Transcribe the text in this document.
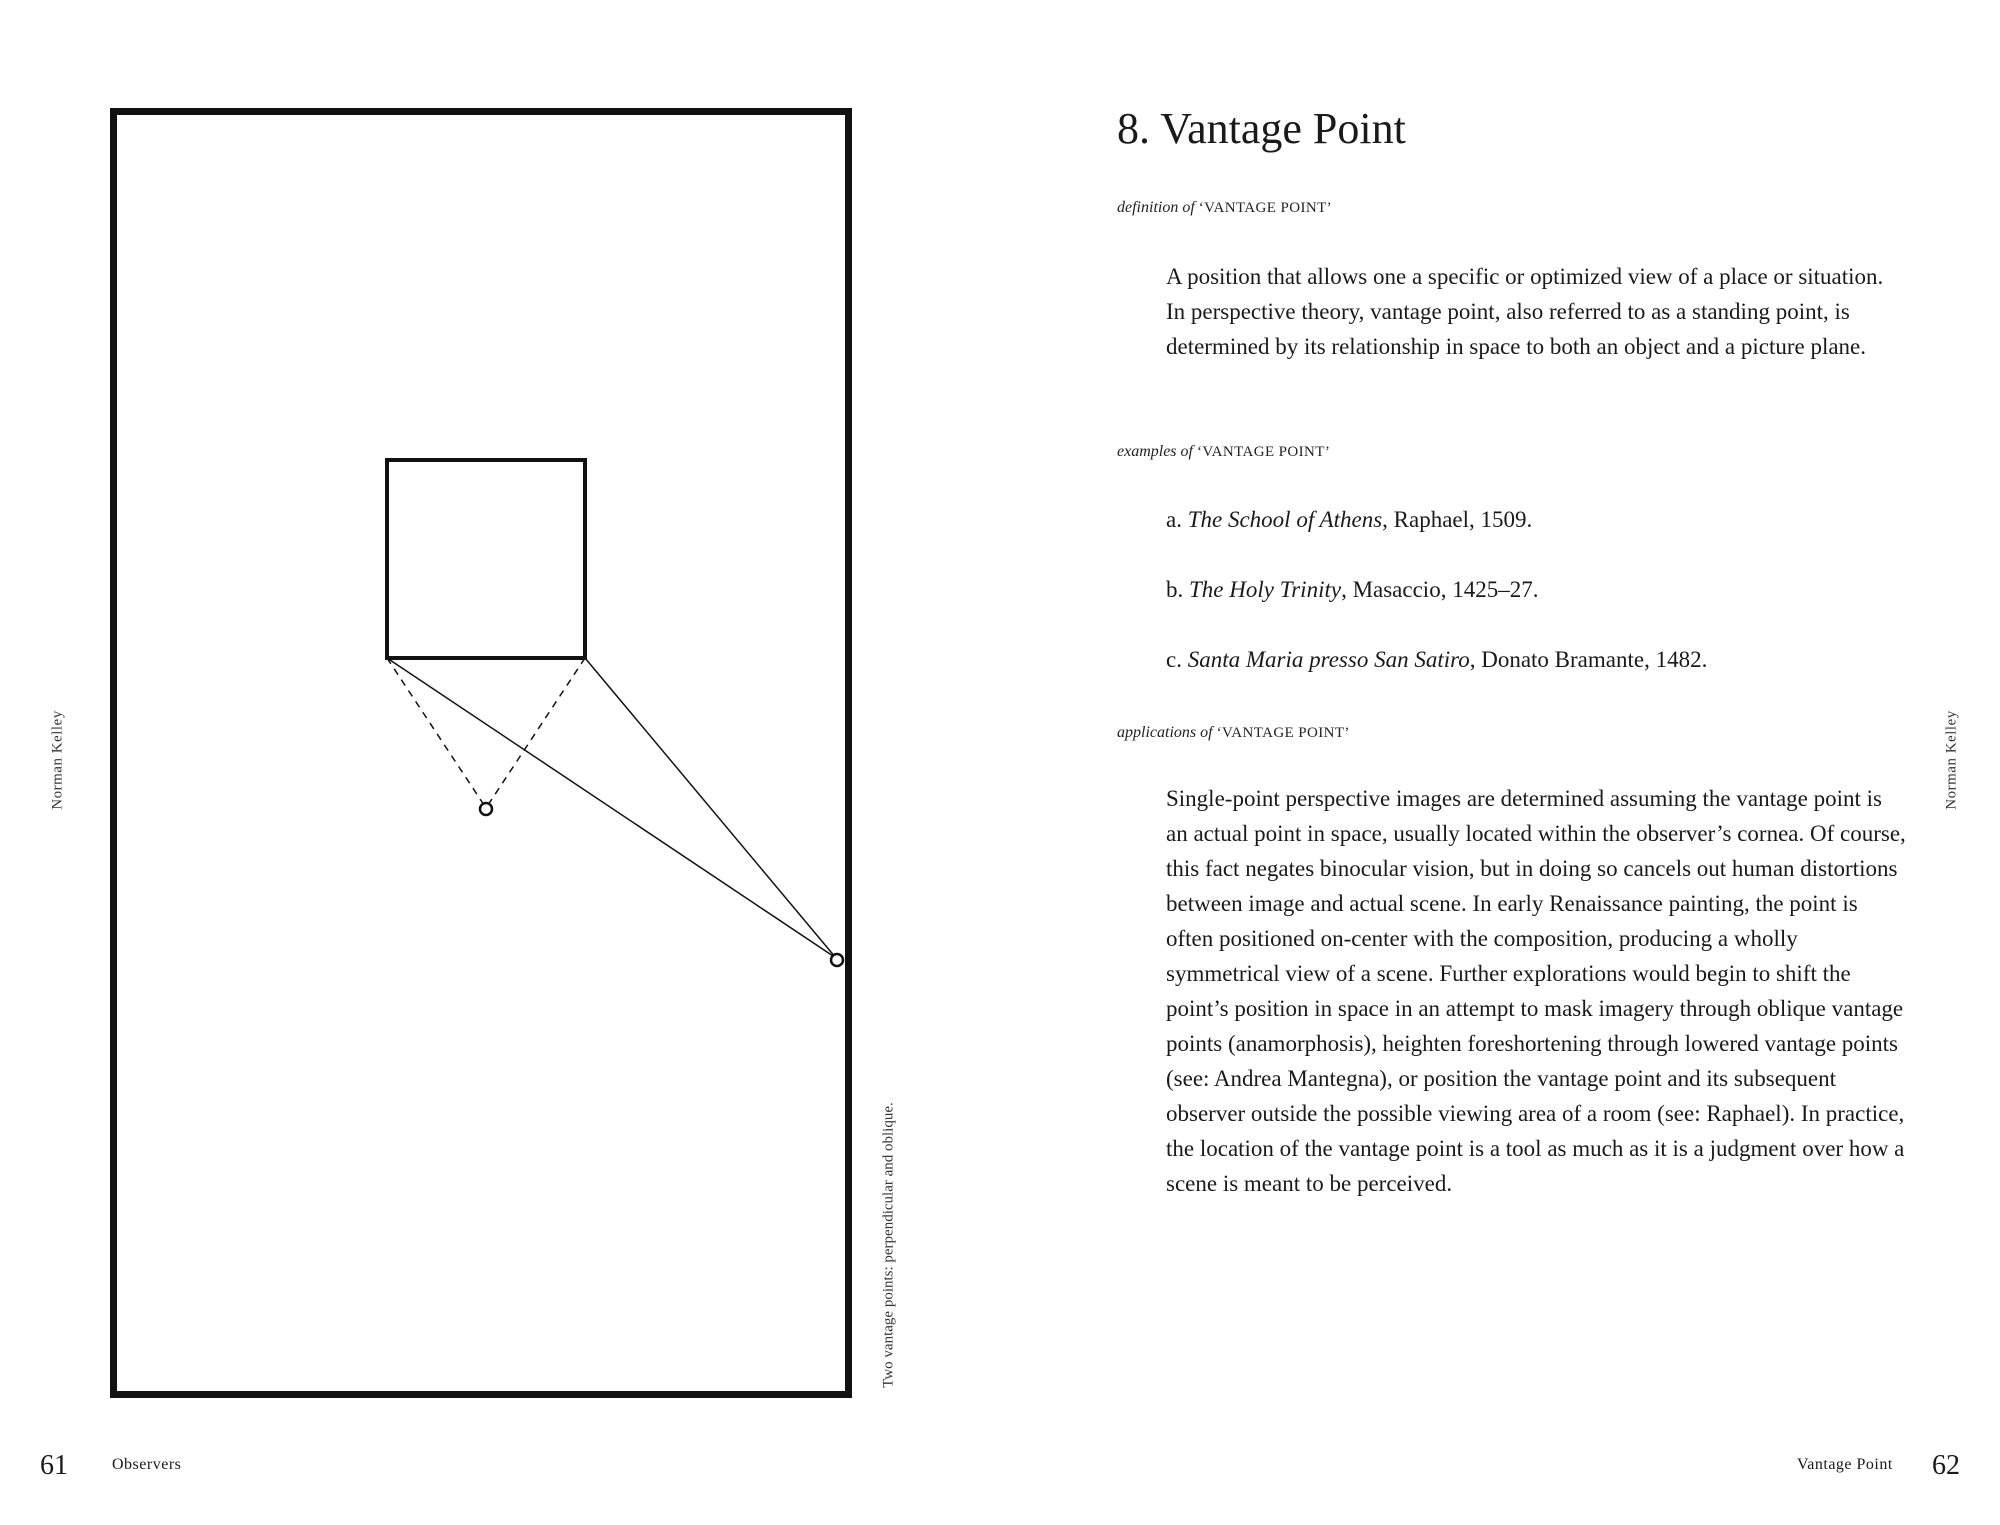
Norman Kelley
Two vantage points: perpendicular and oblique.
61	Observers
8. Vantage Point
definition of ‘VANTAGE POINT’

A position that allows one a specific or optimized view of a place or situation. In perspective theory, vantage point, also referred to as a standing point, is determined by its relationship in space to both an object and a picture plane.

examples of ‘VANTAGE POINT’
a. The School of Athens, Raphael, 1509.
b. The Holy Trinity, Masaccio, 1425–27.
c. Santa Maria presso San Satiro, Donato Bramante, 1482.
applications of ‘VANTAGE POINT’

Single-point perspective images are determined assuming the vantage point is an actual point in space, usually located within the observer’s cornea. Of course, this fact negates binocular vision, but in doing so cancels out human distortions between image and actual scene. In early Renaissance painting, the point is often positioned on-center with the composition, producing a wholly symmetrical view of a scene. Further explorations would begin to shift the point’s position in space in an attempt to mask imagery through oblique vantage points (anamorphosis), heighten foreshortening through lowered vantage points (see: Andrea Mantegna), or position the vantage point and its subsequent observer outside the possible viewing area of a room (see: Raphael). In practice, the location of the vantage point is a tool as much as it is a judgment over how a scene is meant to be perceived.

Norman Kelley
Vantage Point 62
